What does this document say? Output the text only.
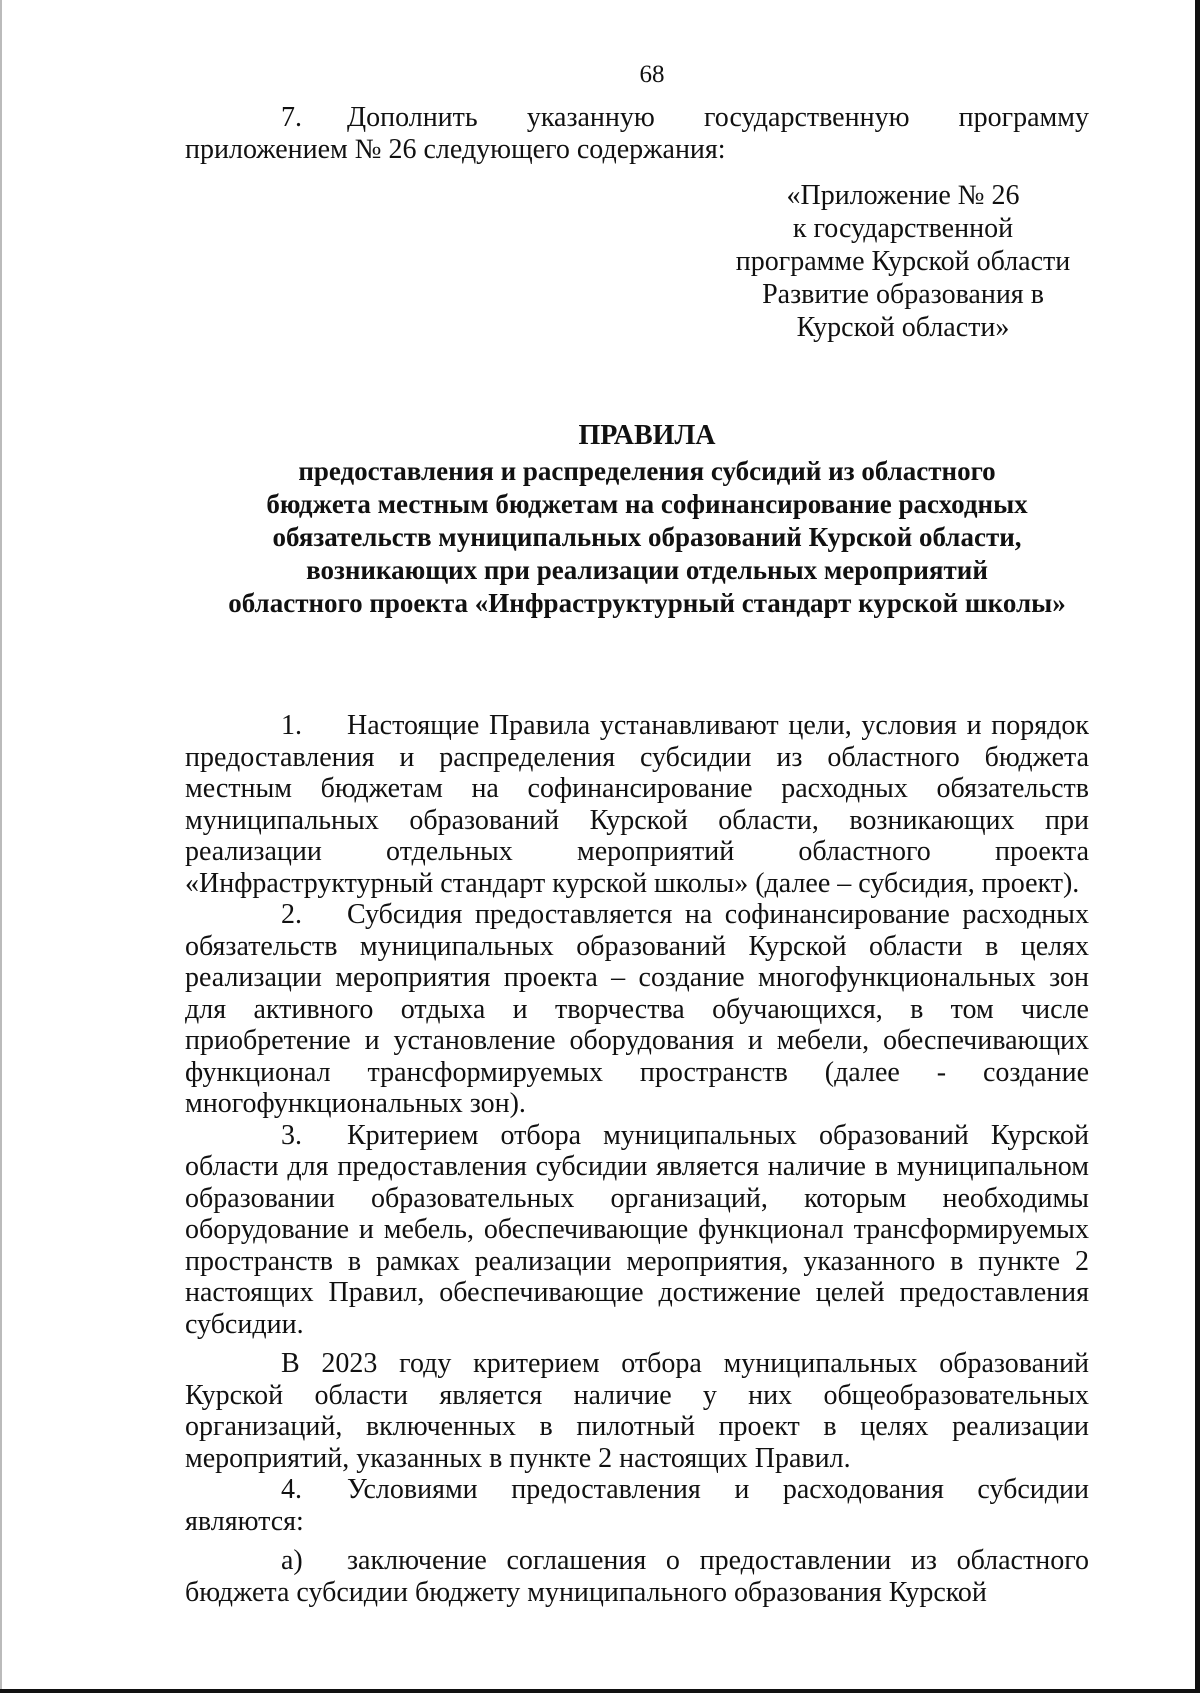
68

7. Дополнить указанную государственную программу приложением № 26 следующего содержания:

«Приложение № 26
к государственной
программе Курской области
Развитие образования в
Курской области»
ПРАВИЛА
предоставления и распределения субсидий из областного
бюджета местным бюджетам на софинансирование расходных
обязательств муниципальных образований Курской области,
возникающих при реализации отдельных мероприятий
областного проекта «Инфраструктурный стандарт курской школы»

1. Настоящие Правила устанавливают цели, условия и порядок предоставления и распределения субсидии из областного бюджета местным бюджетам на софинансирование расходных обязательств муниципальных образований Курской области, возникающих при реализации отдельных мероприятий областного проекта «Инфраструктурный стандарт курской школы» (далее – субсидия, проект).

2. Субсидия предоставляется на софинансирование расходных обязательств муниципальных образований Курской области в целях реализации мероприятия проекта – создание многофункциональных зон для активного отдыха и творчества обучающихся, в том числе приобретение и установление оборудования и мебели, обеспечивающих функционал трансформируемых пространств (далее - создание многофункциональных зон).

3. Критерием отбора муниципальных образований Курской области для предоставления субсидии является наличие в муниципальном образовании образовательных организаций, которым необходимы оборудование и мебель, обеспечивающие функционал трансформируемых пространств в рамках реализации мероприятия, указанного в пункте 2 настоящих Правил, обеспечивающие достижение целей предоставления субсидии.

В 2023 году критерием отбора муниципальных образований Курской области является наличие у них общеобразовательных организаций, включенных в пилотный проект в целях реализации мероприятий, указанных в пункте 2 настоящих Правил.

4. Условиями предоставления и расходования субсидии являются:

а) заключение соглашения о предоставлении из областного бюджета субсидии бюджету муниципального образования Курской
